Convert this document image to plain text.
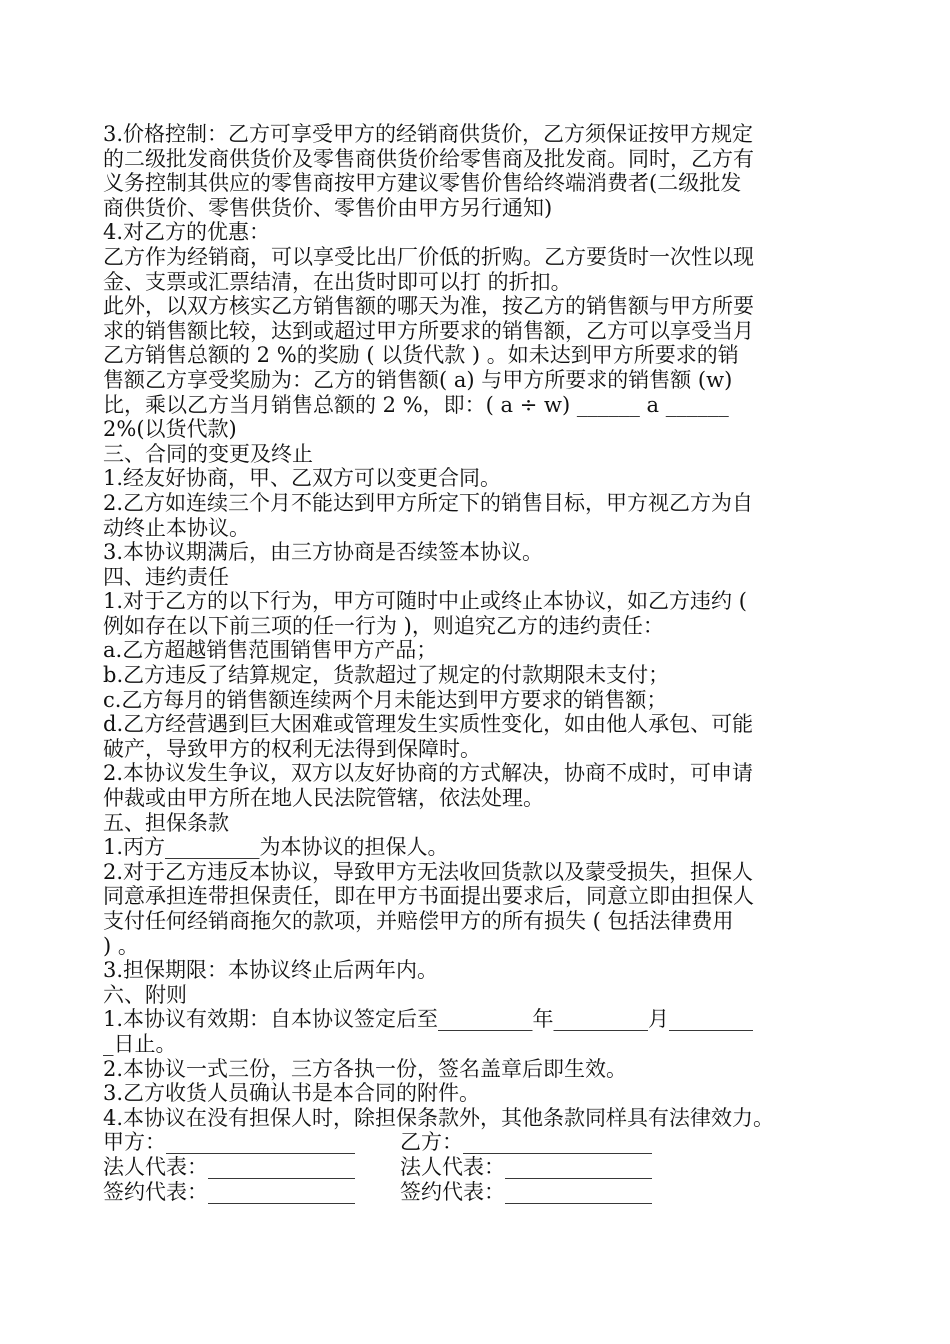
3.价格控制：乙方可享受甲方的经销商供货价，乙方须保证按甲方规定
的二级批发商供货价及零售商供货价给零售商及批发商。同时，乙方有
义务控制其供应的零售商按甲方建议零售价售给终端消费者(二级批发
商供货价、零售供货价、零售价由甲方另行通知)
4.对乙方的优惠：
乙方作为经销商，可以享受比出厂价低的折购。乙方要货时一次性以现
金、支票或汇票结清，在出货时即可以打 的折扣。
此外，以双方核实乙方销售额的哪天为准，按乙方的销售额与甲方所要
求的销售额比较，达到或超过甲方所要求的销售额，乙方可以享受当月
乙方销售总额的 2 %的奖励 ( 以货代款 ) 。如未达到甲方所要求的销
售额乙方享受奖励为：乙方的销售额( a) 与甲方所要求的销售额 (w)
比，乘以乙方当月销售总额的 2 %，即：( a ÷ w) ______ a ______
2%(以货代款)
三、合同的变更及终止
1.经友好协商，甲、乙双方可以变更合同。
2.乙方如连续三个月不能达到甲方所定下的销售目标，甲方视乙方为自
动终止本协议。
3.本协议期满后，由三方协商是否续签本协议。
四、违约责任
1.对于乙方的以下行为，甲方可随时中止或终止本协议，如乙方违约 (
例如存在以下前三项的任一行为 )，则追究乙方的违约责任：
a.乙方超越销售范围销售甲方产品；
b.乙方违反了结算规定，货款超过了规定的付款期限未支付；
c.乙方每月的销售额连续两个月未能达到甲方要求的销售额；
d.乙方经营遇到巨大困难或管理发生实质性变化，如由他人承包、可能
破产，导致甲方的权利无法得到保障时。
2.本协议发生争议，双方以友好协商的方式解决，协商不成时，可申请
仲裁或由甲方所在地人民法院管辖，依法处理。
五、担保条款
1.丙方_________为本协议的担保人。
2.对于乙方违反本协议，导致甲方无法收回货款以及蒙受损失，担保人
同意承担连带担保责任，即在甲方书面提出要求后，同意立即由担保人
支付任何经销商拖欠的款项，并赔偿甲方的所有损失 ( 包括法律费用
) 。
3.担保期限：本协议终止后两年内。
六、附则
1.本协议有效期：自本协议签定后至_________年_________月________
_日止。
2.本协议一式三份，三方各执一份，签名盖章后即生效。
3.乙方收货人员确认书是本合同的附件。
4.本协议在没有担保人时，除担保条款外，其他条款同样具有法律效力。
甲方：__________________	乙方：__________________
法人代表：______________	法人代表：______________
签约代表：______________	签约代表：______________
